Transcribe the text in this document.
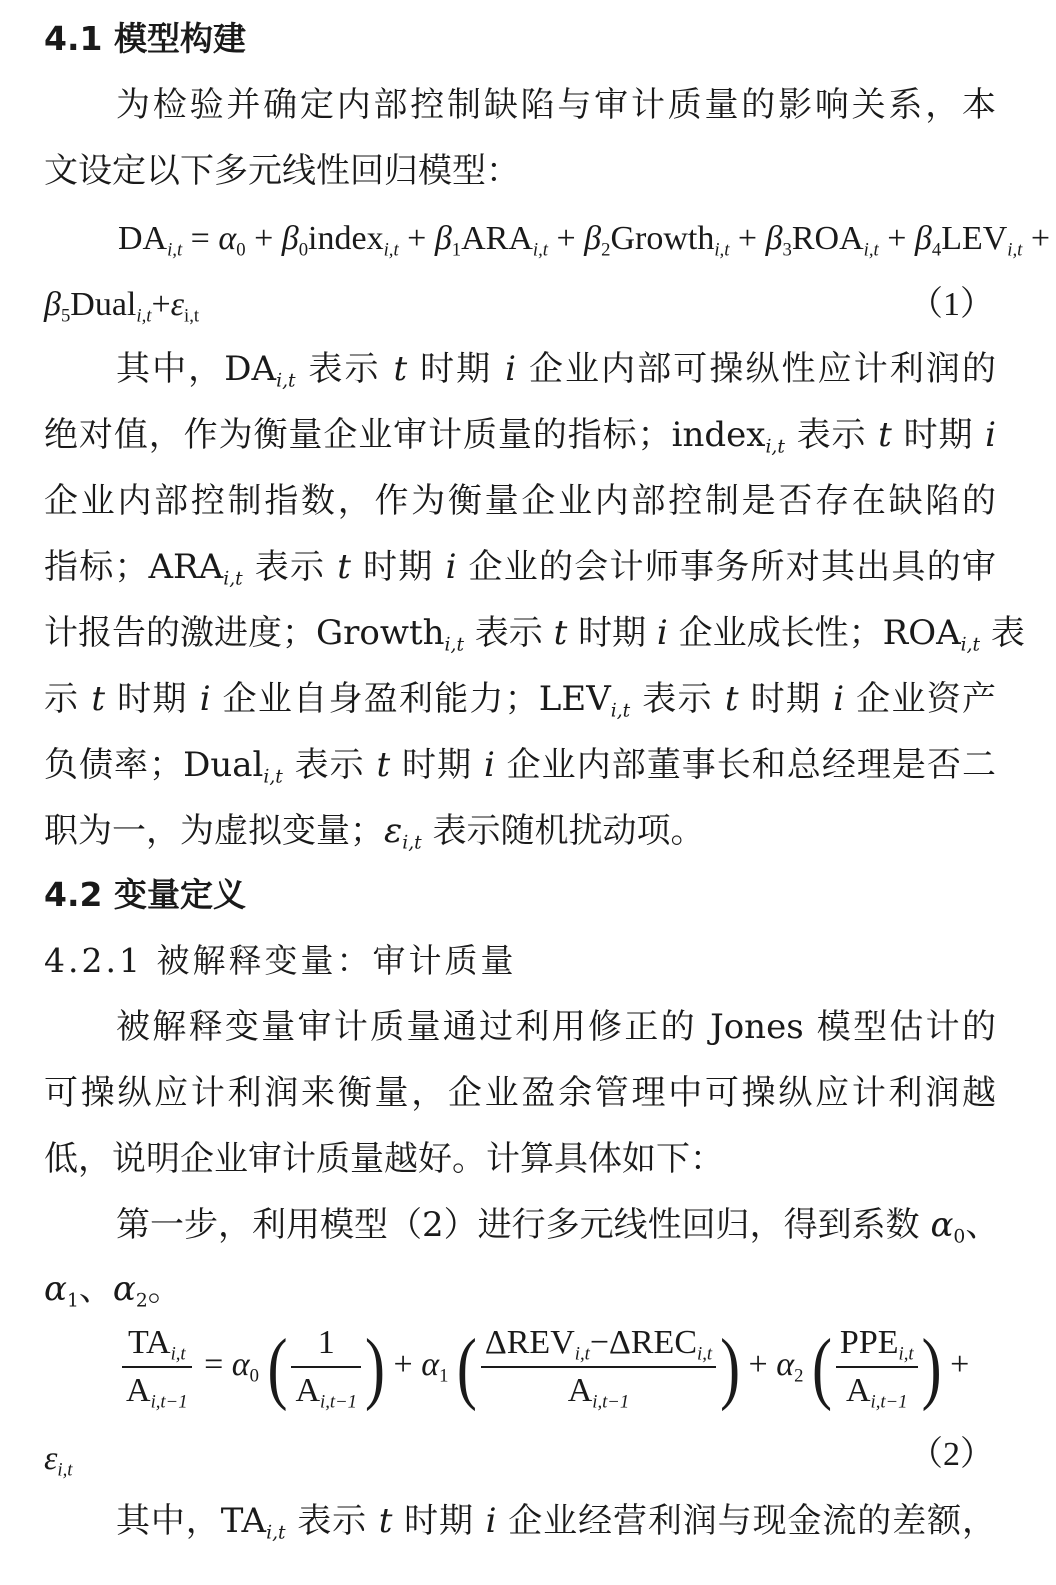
4.1 模型构建
为检验并确定内部控制缺陷与审计质量的影响关系，本
文设定以下多元线性回归模型：
$DA_{i,t} = \alpha_0$ + $\beta_0index_{i,t} + \beta_1ARA_{i,t}$ + $\beta_2Growth_{i,t} + \beta_3ROA_{i,t} + \beta_4LEV_{i,t}$ +
$\beta_5Dual_{i,t}+\varepsilon_{i,t}$	（1）
其中，$DA_{i,t}$ 表示 t 时期 i 企业内部可操纵性应计利润的
绝对值，作为衡量企业审计质量的指标；index$_{i,t}$ 表示 t 时期 i
企业内部控制指数，作为衡量企业内部控制是否存在缺陷的
指标；$ARA_{i,t}$ 表示 t 时期 i 企业的会计师事务所对其出具的审
计报告的激进度；Growth$_{i,t}$ 表示 t 时期 i 企业成长性；$ROA_{i,t}$ 表
示 t 时期 i 企业自身盈利能力；$LEV_{i,t}$ 表示 t 时期 i 企业资产
负债率；Dual$_{i,t}$ 表示 t 时期 i 企业内部董事长和总经理是否二
职为一，为虚拟变量；$\varepsilon_{i,t}$ 表示随机扰动项。
4.2 变量定义
4.2.1 被解释变量：审计质量
被解释变量审计质量通过利用修正的 Jones 模型估计的
可操纵应计利润来衡量，企业盈余管理中可操纵应计利润越
低，说明企业审计质量越好。计算具体如下：
第一步，利用模型（2）进行多元线性回归，得到系数 $\alpha_0$、
$\alpha_1$、$\alpha_2$。
$\frac{TA_{i,t}}{A_{i,t-1}} = \alpha_0$ ( $\frac{1}{A_{i,t-1}}$ ) + $\alpha_1$ ( $\frac{\Delta REV_{i,t}-\Delta REC_{i,t}}{A_{i,t-1}}$ ) + $\alpha_2$ ( $\frac{PPE_{i,t}}{A_{i,t-1}}$ ) +
$\varepsilon_{i,t}$	（2）
其中，$TA_{i,t}$ 表示 t 时期 i 企业经营利润与现金流的差额，
